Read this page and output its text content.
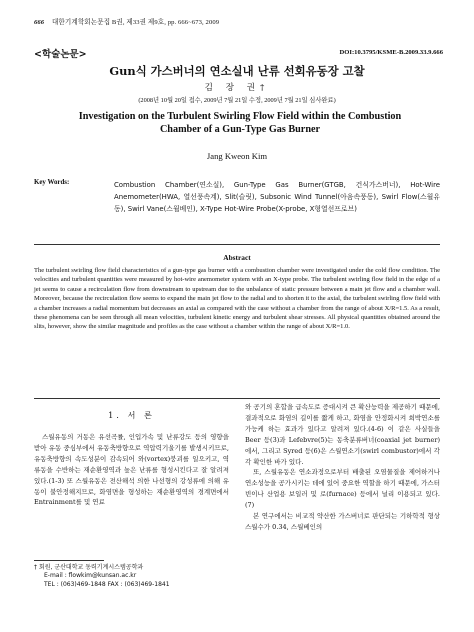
666 대한기계학회논문집 B권, 제33권 제9호, pp. 666~673, 2009
<학술논문>	DOI:10.3795/KSME-B.2009.33.9.666
Gun식 가스버너의 연소실내 난류 선회유동장 고찰
김 장 권†
(2008년 10월 20일 접수, 2009년 7월 21일 수정, 2009년 7월 21일 심사완료)
Investigation on the Turbulent Swirling Flow Field within the Combustion
Chamber of a Gun-Type Gas Burner
Jang Kweon Kim
Key Words:	Combustion Chamber(연소실), Gun-Type Gas Burner(GTGB, 건식가스버너), Hot-Wire Anemometer(HWA, 열선풍속계), Slit(슬릿), Subsonic Wind Tunnel(아음속풍동), Swirl Flow(스월유동), Swirl Vane(스월베인), X-Type Hot-Wire Probe(X-probe, X형열선프로브)
Abstract
The turbulent swirling flow field characteristics of a gun-type gas burner with a combustion chamber were investigated under the cold flow condition. The velocities and turbulent quantities were measured by hot-wire anemometer system with an X-type probe. The turbulent swirling flow field in the edge of a jet seems to cause a recirculation flow from downstream to upstream due to the unbalance of static pressure between a main jet flow and a chamber wall. Moreover, because the recirculation flow seems to expand the main jet flow to the radial and to shorten it to the axial, the turbulent swirling flow field with a chamber increases a radial momentum but decreases an axial as compared with the case without a chamber from the range of about X/R=1.5. As a result, these phenomena can be seen through all mean velocities, turbulent kinetic energy and turbulent shear stresses. All physical quantities obtained around the slits, however, show the similar magnitude and profiles as the case without a chamber within the range of about X/R=1.0.
1. 서 론
스월유동의 거동은 유선곡률, 인입가속 및 난류강도 등의 영향을 받아 유동 중심부에서 유동축방향으로 역압력기울기를 발생시키므로, 유동축방향의 속도성분이 감속되어 와(vortex)붕괴를 일으키고, 역류동을 수반하는 재순환영역과 높은 난류를 형성시킨다고 잘 알려져 있다.(1-3) 또 스월유동은 전산해석 의한 나선형의 강성류에 의해 유동이 불안정해지므로, 화염면을 형성하는 재순환영역의 경계면에서 Entrainment를 및 연료
와 공기의 혼합을 급속도로 증대시켜 큰 확산능력을 제공하기 때문에, 결과적으로 화염의 길이를 짧게 하고, 화염을 안정화시켜 희박연소를 가능케 하는 효과가 있다고 알려져 있다.(4-6) 이 같은 사실들을 Beer 등(3)과 Lefebvre(5)는 동축분류버너(coaxial jet burner)에서, 그리고 Syred 등(6)은 스월연소기(swirl combustor)에서 각각 확인한 바가 있다.
또, 스월유동은 연소과정으로부터 배출된 오염물질을 제어하거나 연소성능을 공가시키는 데에 있어 중요한 역할을 하기 때문에, 가스터빈이나 산업용 보일러 및 로(furnace) 등에서 널리 이용되고 있다.(7)
본 연구에서는 비교적 약산한 가스버너로 판단되는 기하학적 형상 스월수가 0.34, 스월베인의
† 회원, 군산대학교 동력기계시스템공학과
E-mail : flowkim@kunsan.ac.kr
TEL : (063)469-1848 FAX : (063)469-1841
